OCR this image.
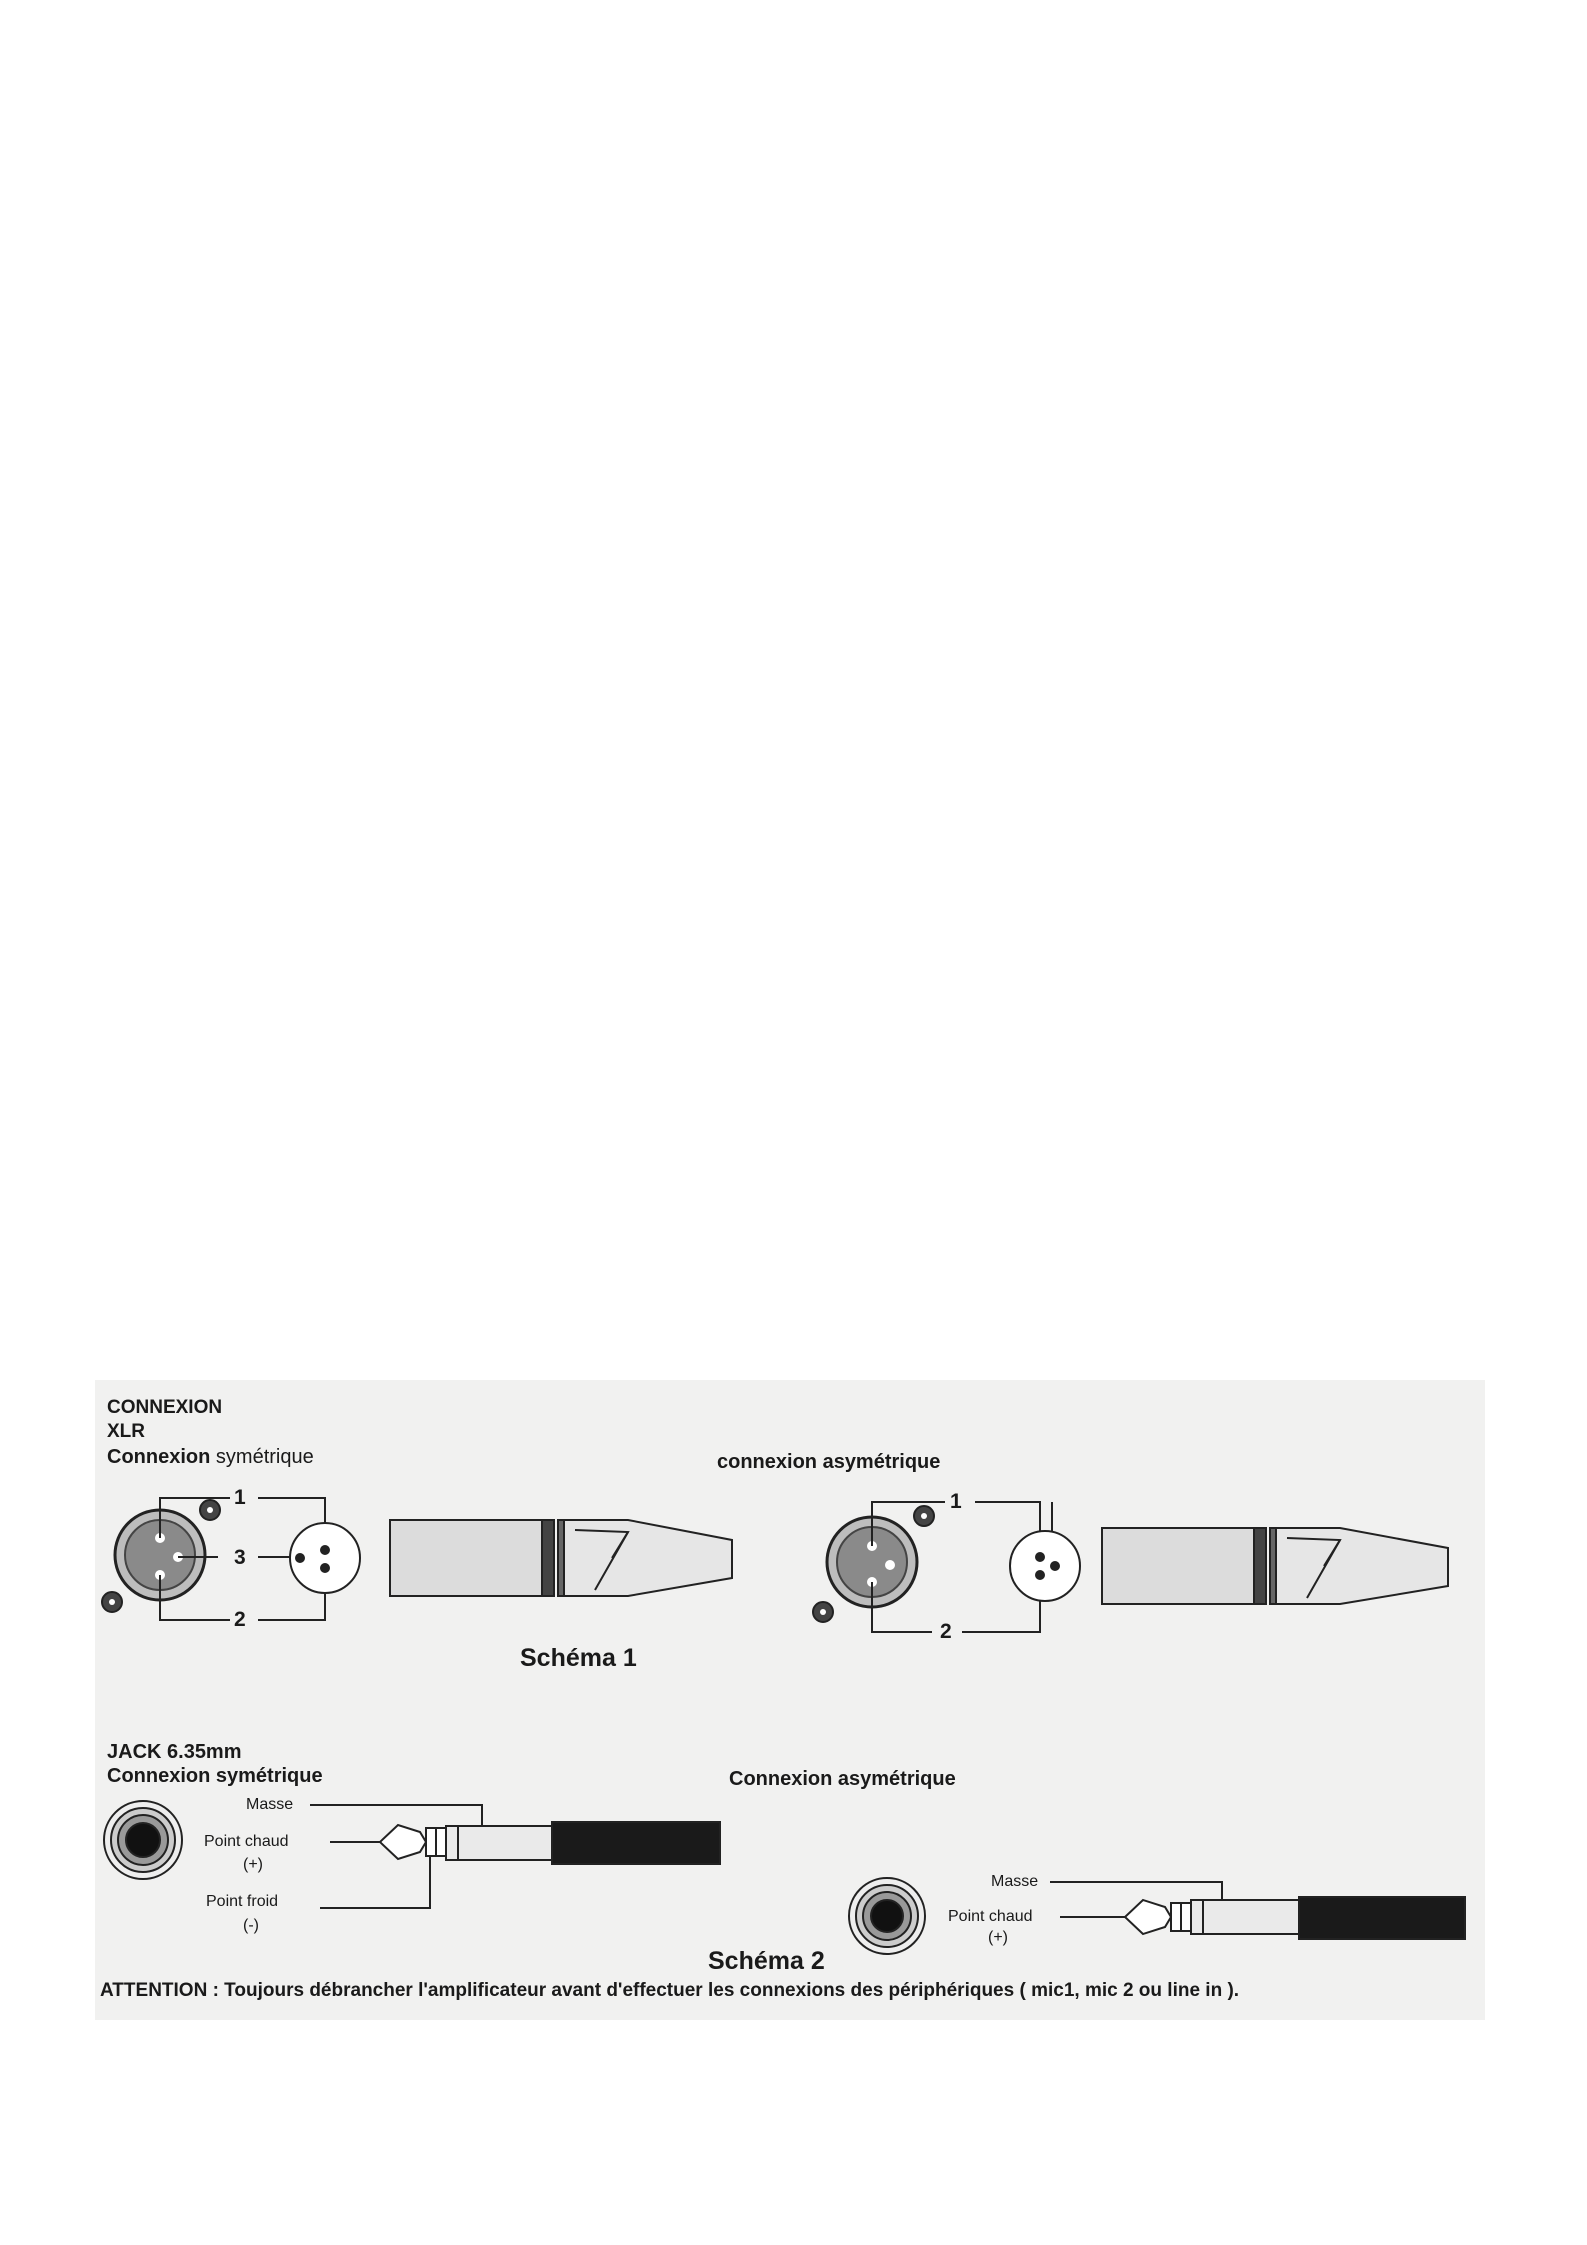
CONNEXION

XLR

Connexion symétrique

1

3

2

connexion asymétrique

1

2

Schéma 1

JACK 6.35mm

Connexion symétrique

Masse

Point chaud

(+)

Point froid

(-)

Connexion asymétrique

Masse

Point chaud

(+)

Schéma 2

ATTENTION : Toujours débrancher l'amplificateur avant d'effectuer les connexions des périphériques ( mic1, mic 2 ou line in ).
